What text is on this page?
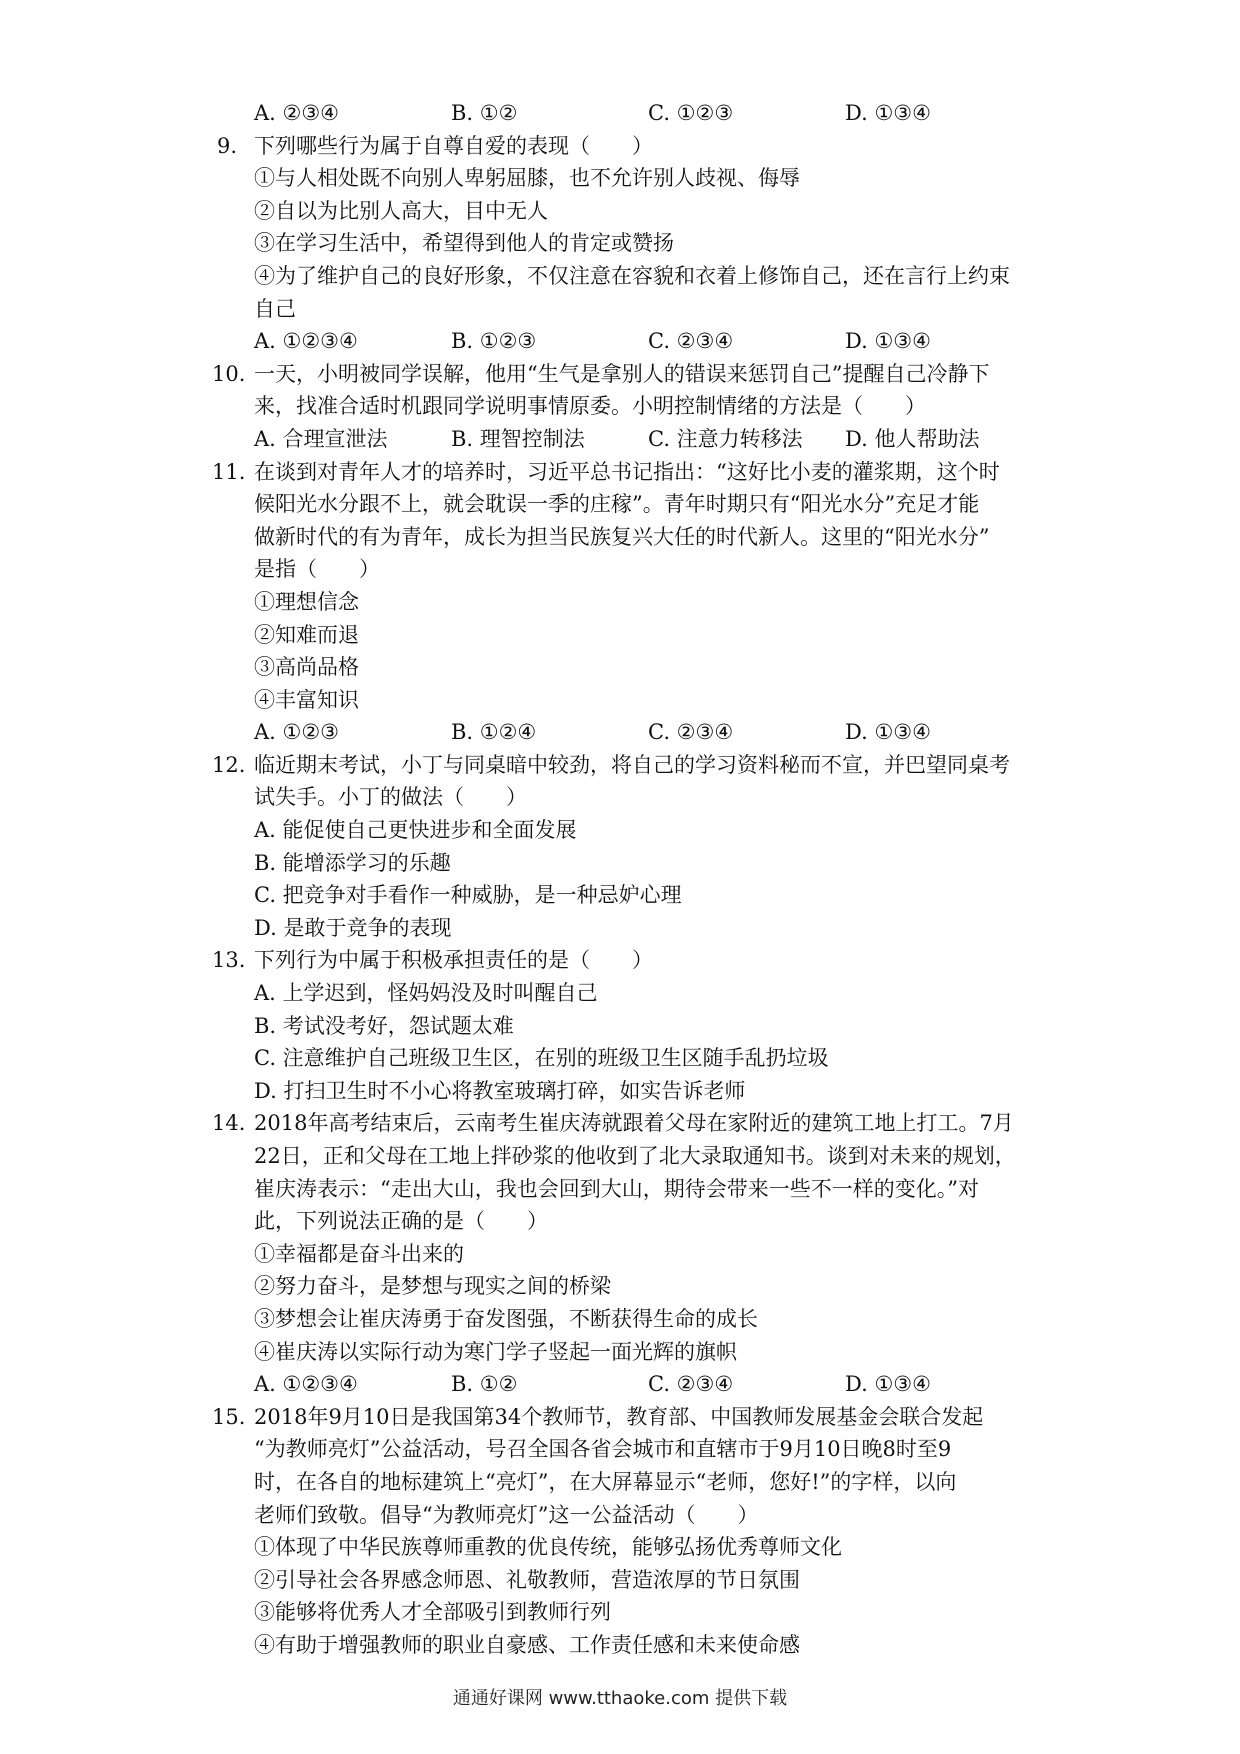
A. ②③④	B. ①②	C. ①②③	D. ①③④
9. 下列哪些行为属于自尊自爱的表现（　　）
①与人相处既不向别人卑躬屈膝，也不允许别人歧视、侮辱
②自以为比别人高大，目中无人
③在学习生活中，希望得到他人的肯定或赞扬
④为了维护自己的良好形象，不仅注意在容貌和衣着上修饰自己，还在言行上约束
自己
A. ①②③④	B. ①②③	C. ②③④	D. ①③④
10. 一天，小明被同学误解，他用“生气是拿别人的错误来惩罚自己”提醒自己冷静下
来，找准合适时机跟同学说明事情原委。小明控制情绪的方法是（　　）
A. 合理宣泄法	B. 理智控制法	C. 注意力转移法	D. 他人帮助法
11. 在谈到对青年人才的培养时，习近平总书记指出：“这好比小麦的灌浆期，这个时
候阳光水分跟不上，就会耽误一季的庄稼”。青年时期只有“阳光水分”充足才能
做新时代的有为青年，成长为担当民族复兴大任的时代新人。这里的“阳光水分”
是指（　　）
①理想信念
②知难而退
③高尚品格
④丰富知识
A. ①②③	B. ①②④	C. ②③④	D. ①③④
12. 临近期末考试，小丁与同桌暗中较劲，将自己的学习资料秘而不宣，并巴望同桌考
试失手。小丁的做法（　　）
A. 能促使自己更快进步和全面发展
B. 能增添学习的乐趣
C. 把竞争对手看作一种威胁，是一种忌妒心理
D. 是敢于竞争的表现
13. 下列行为中属于积极承担责任的是（　　）
A. 上学迟到，怪妈妈没及时叫醒自己
B. 考试没考好，怨试题太难
C. 注意维护自己班级卫生区，在别的班级卫生区随手乱扔垃圾
D. 打扫卫生时不小心将教室玻璃打碎，如实告诉老师
14. 2018年高考结束后，云南考生崔庆涛就跟着父母在家附近的建筑工地上打工。7月
22日，正和父母在工地上拌砂浆的他收到了北大录取通知书。谈到对未来的规划，
崔庆涛表示：“走出大山，我也会回到大山，期待会带来一些不一样的变化。”对
此，下列说法正确的是（　　）
①幸福都是奋斗出来的
②努力奋斗，是梦想与现实之间的桥梁
③梦想会让崔庆涛勇于奋发图强，不断获得生命的成长
④崔庆涛以实际行动为寒门学子竖起一面光辉的旗帜
A. ①②③④	B. ①②	C. ②③④	D. ①③④
15. 2018年9月10日是我国第34个教师节，教育部、中国教师发展基金会联合发起
“为教师亮灯”公益活动，号召全国各省会城市和直辖市于9月10日晚8时至9
时，在各自的地标建筑上“亮灯”，在大屏幕显示“老师，您好!”的字样，以向
老师们致敬。倡导“为教师亮灯”这一公益活动（　　）
①体现了中华民族尊师重教的优良传统，能够弘扬优秀尊师文化
②引导社会各界感念师恩、礼敬教师，营造浓厚的节日氛围
③能够将优秀人才全部吸引到教师行列
④有助于增强教师的职业自豪感、工作责任感和未来使命感
通通好课网 www.tthaoke.com 提供下载
